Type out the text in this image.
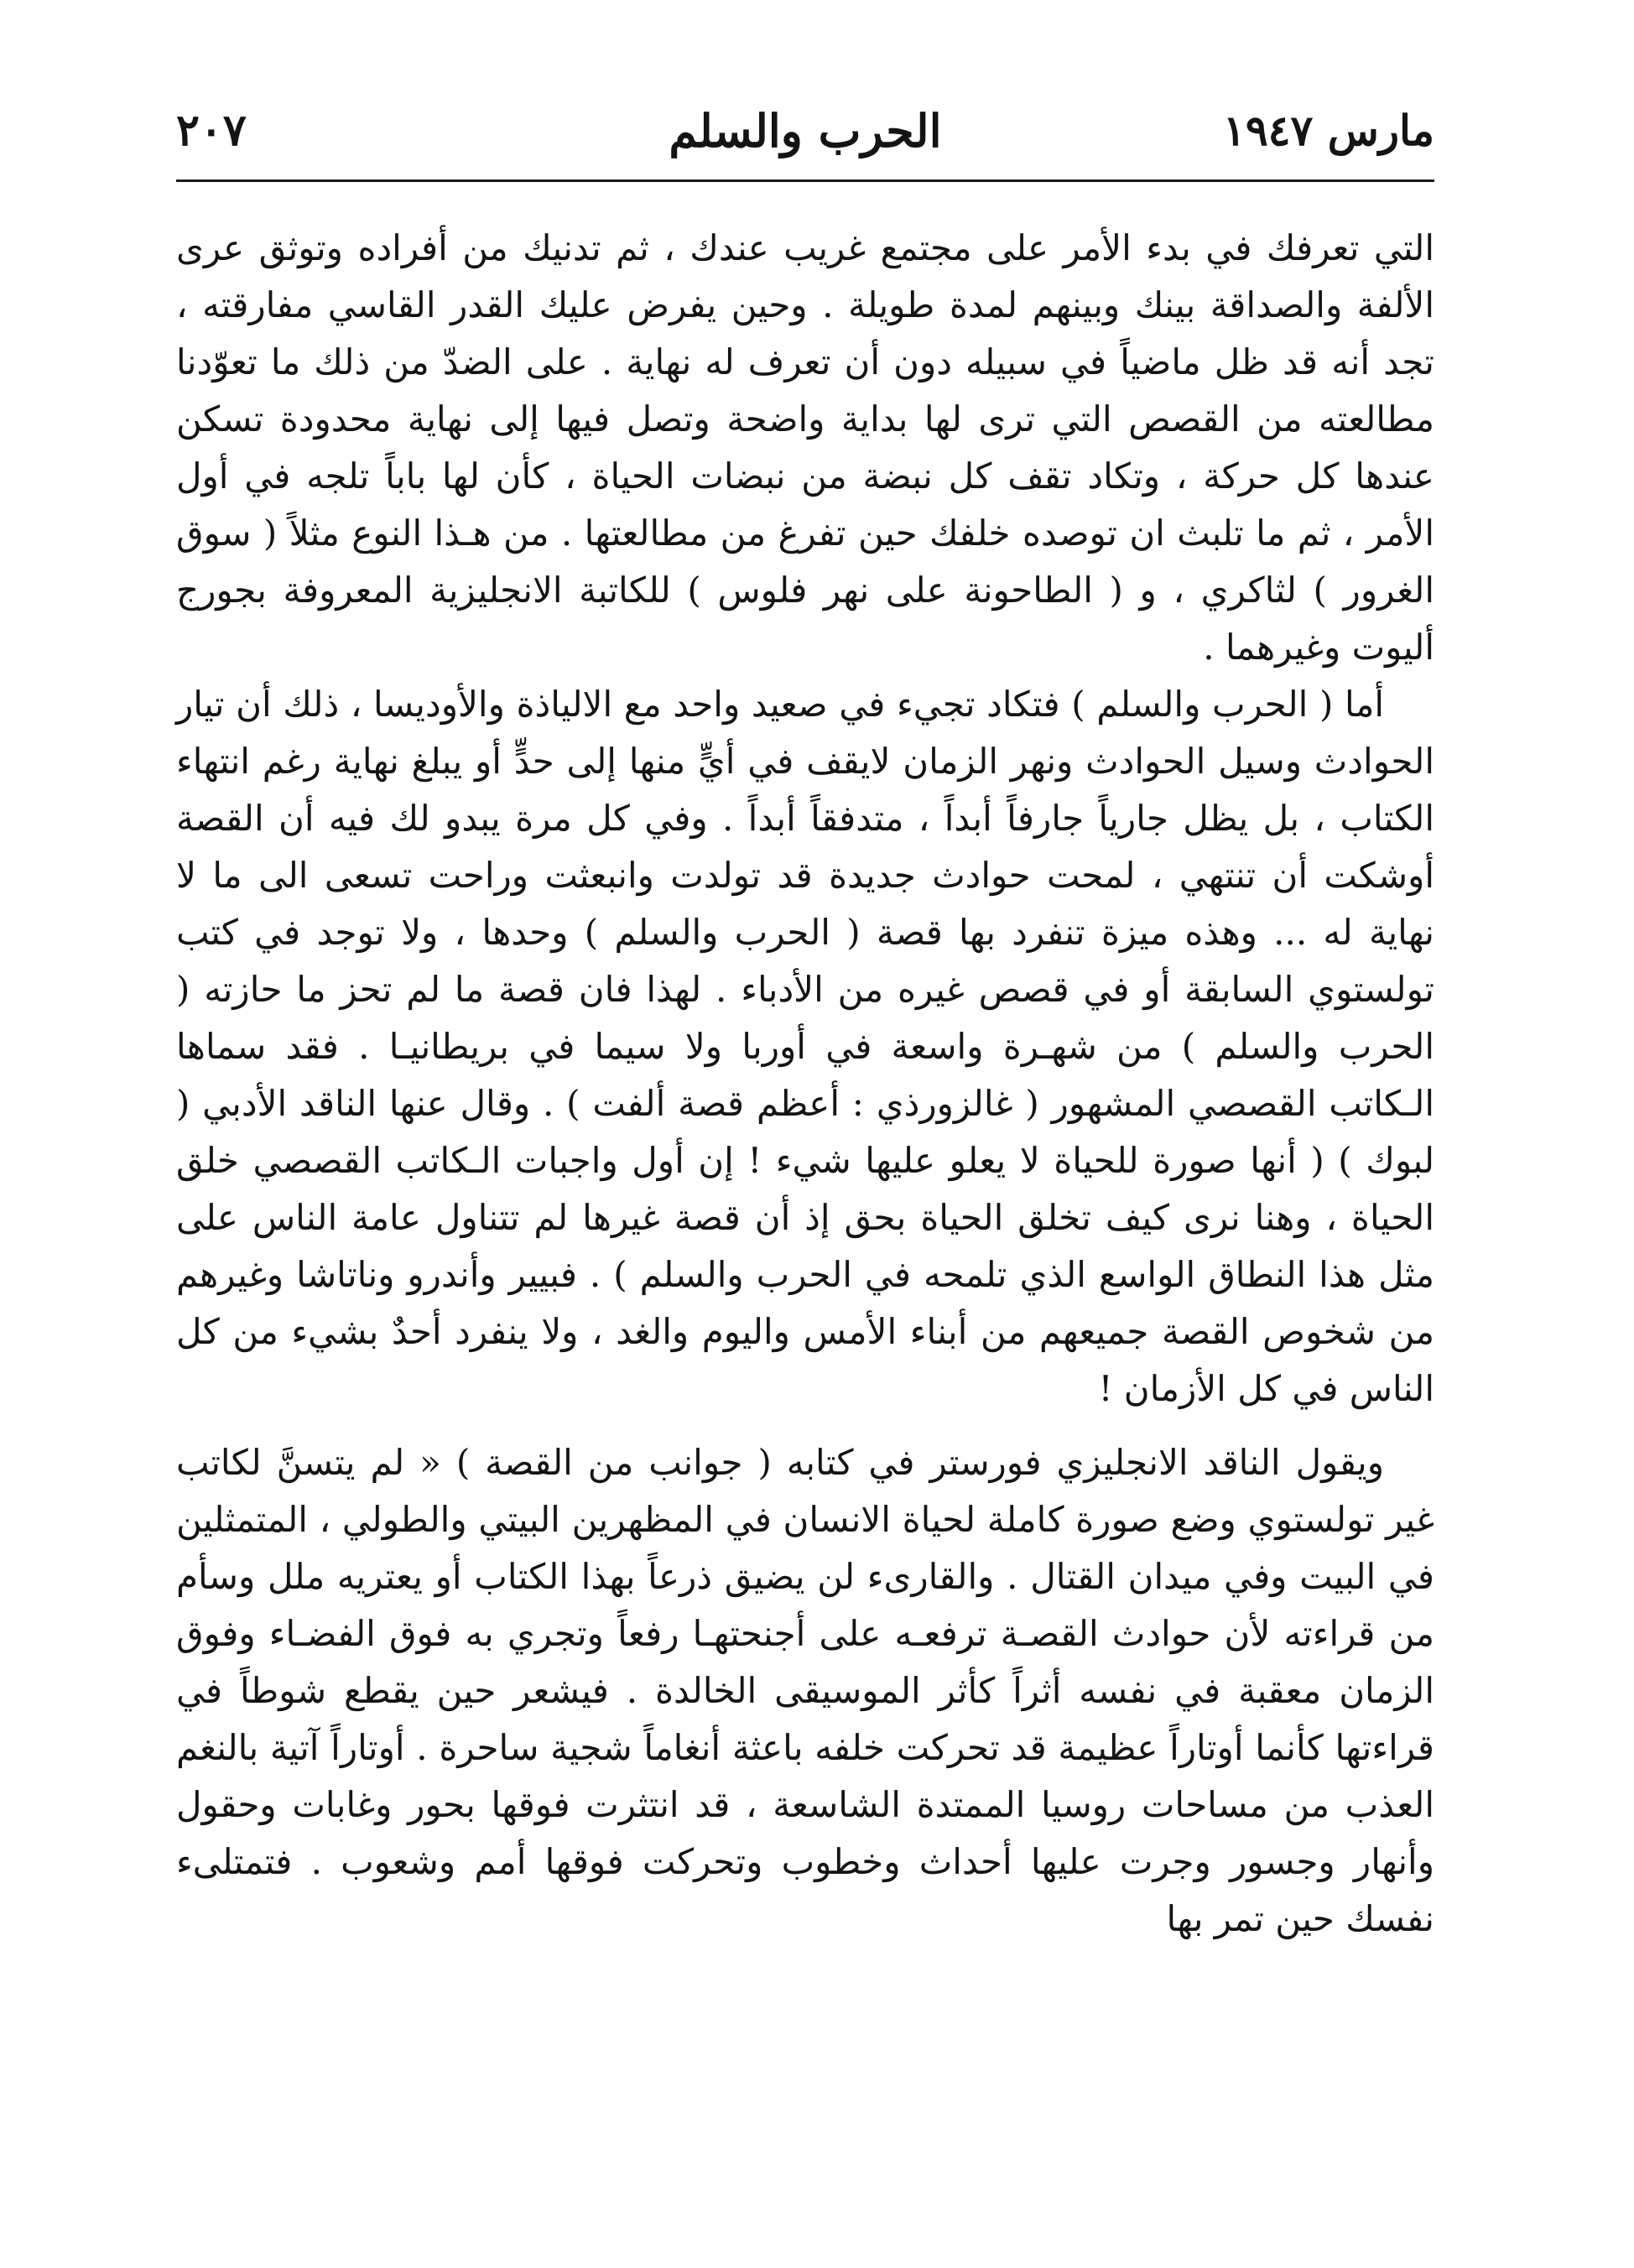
مارس ١٩٤٧
الحرب والسلم
٢٠٧

التي تعرفك في بدء الأمر على مجتمع غريب عندك ، ثم تدنيك من أفراده وتوثق عرى الألفة والصداقة بينك وبينهم لمدة طويلة . وحين يفرض عليك القدر القاسي مفارقته ، تجد أنه قد ظل ماضياً في سبيله دون أن تعرف له نهاية . على الضدّ من ذلك ما تعوّدنا مطالعته من القصص التي ترى لها بداية واضحة وتصل فيها إلى نهاية محدودة تسكن عندها كل حركة ، وتكاد تقف كل نبضة من نبضات الحياة ، كأن لها باباً تلجه في أول الأمر ، ثم ما تلبث ان توصده خلفك حين تفرغ من مطالعتها . من هـذا النوع مثلاً ( سوق الغرور ) لثاكري ، و ( الطاحونة على نهر فلوس ) للكاتبة الانجليزية المعروفة بجورج أليوت وغيرهما .

أما ( الحرب والسلم ) فتكاد تجيء في صعيد واحد مع الالياذة والأوديسا ، ذلك أن تيار الحوادث وسيل الحوادث ونهر الزمان لايقف في أيٍّ منها إلى حدٍّ أو يبلغ نهاية رغم انتهاء الكتاب ، بل يظل جارياً جارفاً أبداً ، متدفقاً أبداً . وفي كل مرة يبدو لك فيه أن القصة أوشكت أن تنتهي ، لمحت حوادث جديدة قد تولدت وانبعثت وراحت تسعى الى ما لا نهاية له ... وهذه ميزة تنفرد بها قصة ( الحرب والسلم ) وحدها ، ولا توجد في كتب تولستوي السابقة أو في قصص غيره من الأدباء . لهذا فان قصة ما لم تحز ما حازته ( الحرب والسلم ) من شهـرة واسعة في أوربا ولا سيما في بريطانيـا . فقد سماها الـكاتب القصصي المشهور ( غالزورذي : أعظم قصة ألفت ) . وقال عنها الناقد الأدبي ( لبوك ) ( أنها صورة للحياة لا يعلو عليها شيء ! إن أول واجبات الـكاتب القصصي خلق الحياة ، وهنا نرى كيف تخلق الحياة بحق إذ أن قصة غيرها لم تتناول عامة الناس على مثل هذا النطاق الواسع الذي تلمحه في الحرب والسلم ) . فبيير وأندرو وناتاشا وغيرهم من شخوص القصة جميعهم من أبناء الأمس واليوم والغد ، ولا ينفرد أحدٌ بشيء من كل الناس في كل الأزمان !

ويقول الناقد الانجليزي فورستر في كتابه ( جوانب من القصة ) « لم يتسنَّ لكاتب غير تولستوي وضع صورة كاملة لحياة الانسان في المظهرين البيتي والطولي ، المتمثلين في البيت وفي ميدان القتال . والقارىء لن يضيق ذرعاً بهذا الكتاب أو يعتريه ملل وسأم من قراءته لأن حوادث القصـة ترفعـه على أجنحتهـا رفعاً وتجري به فوق الفضـاء وفوق الزمان معقبة في نفسه أثراً كأثر الموسيقى الخالدة . فيشعر حين يقطع شوطاً في قراءتها كأنما أوتاراً عظيمة قد تحركت خلفه باعثة أنغاماً شجية ساحرة . أوتاراً آتية بالنغم العذب من مساحات روسيا الممتدة الشاسعة ، قد انتثرت فوقها بحور وغابات وحقول وأنهار وجسور وجرت عليها أحداث وخطوب وتحركت فوقها أمم وشعوب . فتمتلىء نفسك حين تمر بها
